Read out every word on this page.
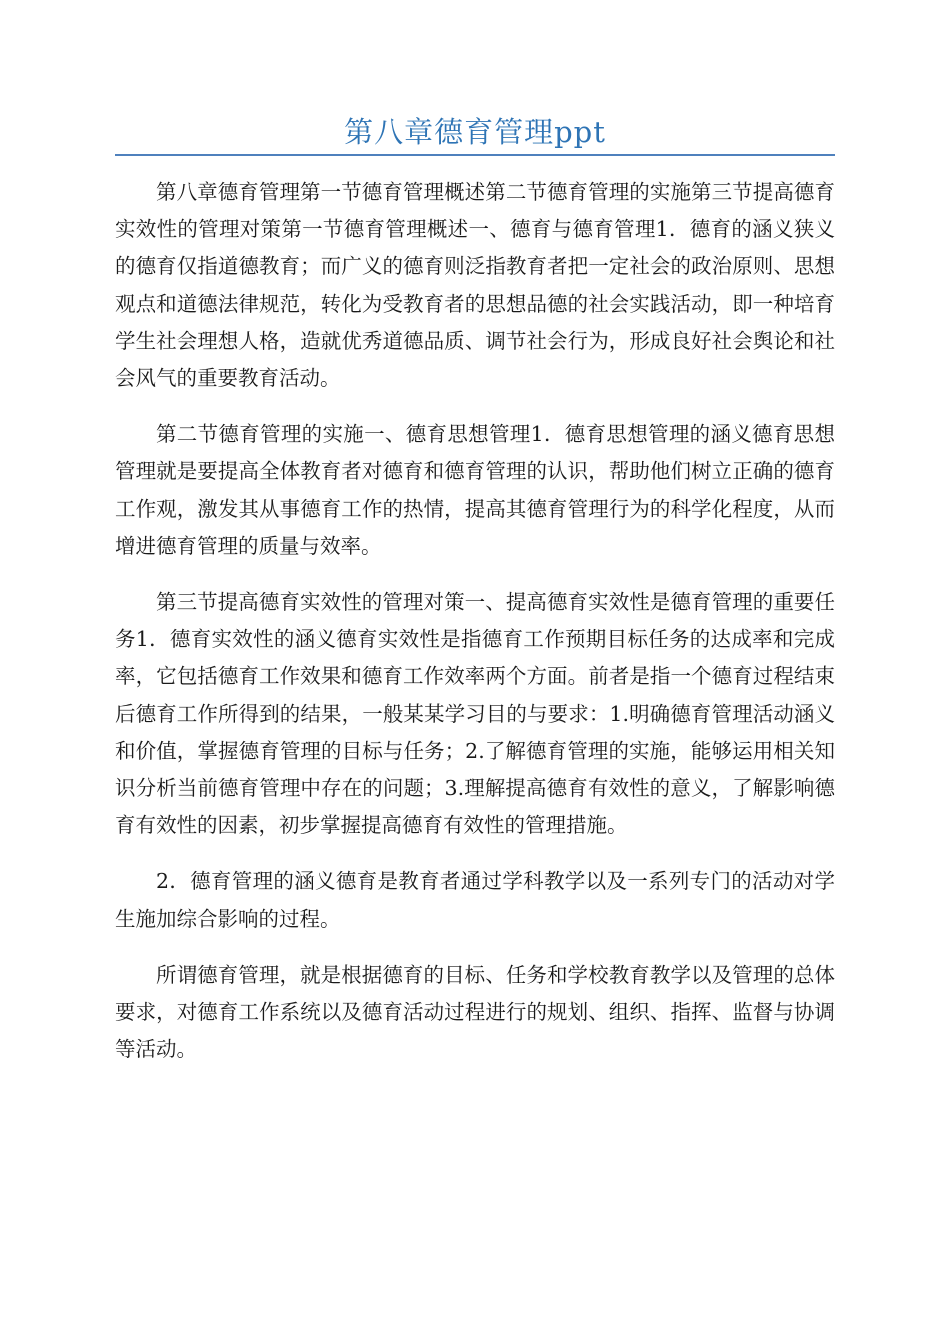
第八章德育管理ppt

第八章德育管理第一节德育管理概述第二节德育管理的实施第三节提高德育实效性的管理对策第一节德育管理概述一、德育与德育管理1．德育的涵义狭义的德育仅指道德教育；而广义的德育则泛指教育者把一定社会的政治原则、思想观点和道德法律规范，转化为受教育者的思想品德的社会实践活动，即一种培育学生社会理想人格，造就优秀道德品质、调节社会行为，形成良好社会舆论和社会风气的重要教育活动。

第二节德育管理的实施一、德育思想管理1．德育思想管理的涵义德育思想管理就是要提高全体教育者对德育和德育管理的认识，帮助他们树立正确的德育工作观，激发其从事德育工作的热情，提高其德育管理行为的科学化程度，从而增进德育管理的质量与效率。

第三节提高德育实效性的管理对策一、提高德育实效性是德育管理的重要任务1．德育实效性的涵义德育实效性是指德育工作预期目标任务的达成率和完成率，它包括德育工作效果和德育工作效率两个方面。前者是指一个德育过程结束后德育工作所得到的结果，一般某某学习目的与要求：1.明确德育管理活动涵义和价值，掌握德育管理的目标与任务；2.了解德育管理的实施，能够运用相关知识分析当前德育管理中存在的问题；3.理解提高德育有效性的意义，了解影响德育有效性的因素，初步掌握提高德育有效性的管理措施。

2．德育管理的涵义德育是教育者通过学科教学以及一系列专门的活动对学生施加综合影响的过程。

所谓德育管理，就是根据德育的目标、任务和学校教育教学以及管理的总体要求，对德育工作系统以及德育活动过程进行的规划、组织、指挥、监督与协调等活动。
